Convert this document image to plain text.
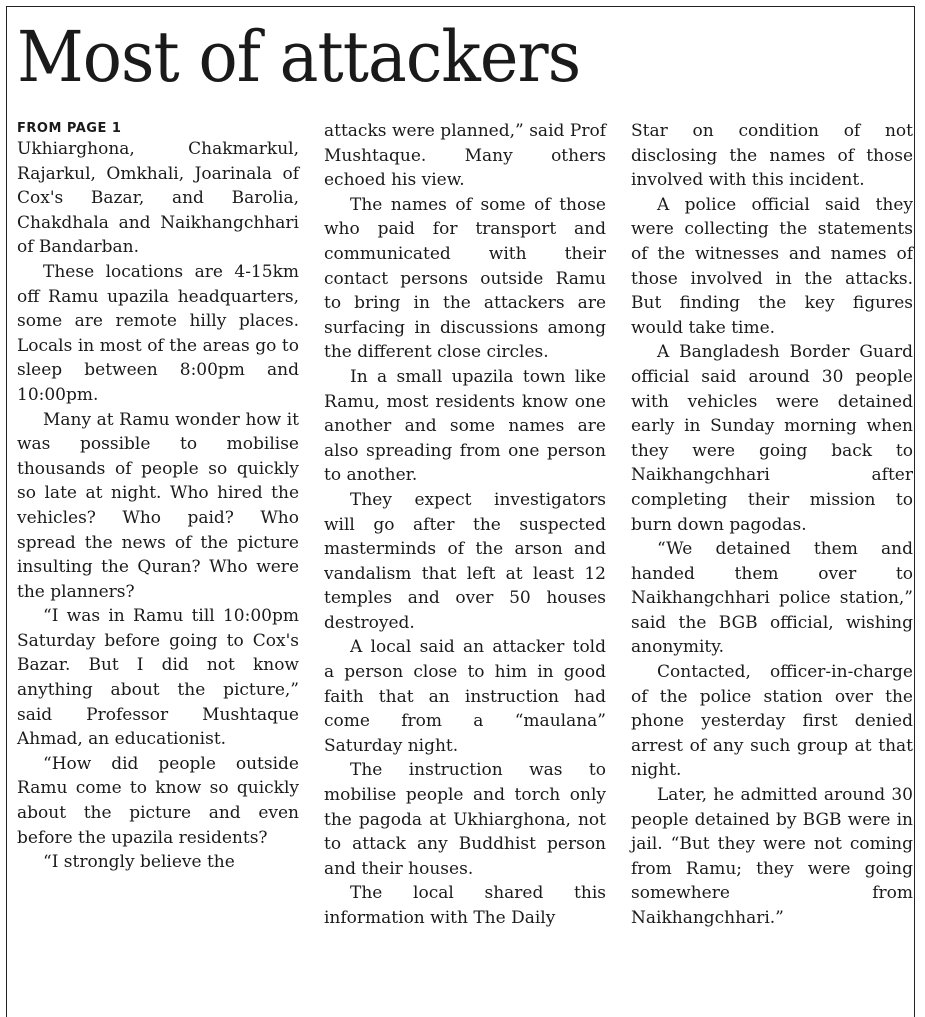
Most of attackers
FROM PAGE 1

Ukhiarghona, Chakmarkul, Rajarkul, Omkhali, Joarinala of Cox's Bazar, and Barolia, Chakdhala and Naikhangchhari of Bandarban.

These locations are 4-15km off Ramu upazila headquarters, some are remote hilly places. Locals in most of the areas go to sleep between 8:00pm and 10:00pm.

Many at Ramu wonder how it was possible to mobilise thousands of people so quickly so late at night. Who hired the vehicles? Who paid? Who spread the news of the picture insulting the Quran? Who were the planners?

“I was in Ramu till 10:00pm Saturday before going to Cox's Bazar. But I did not know anything about the picture,” said Professor Mushtaque Ahmad, an educationist.

“How did people outside Ramu come to know so quickly about the picture and even before the upazila residents?

“I strongly believe the

attacks were planned,” said Prof Mushtaque. Many others echoed his view.

The names of some of those who paid for transport and communicated with their contact persons outside Ramu to bring in the attackers are surfacing in discussions among the different close circles.

In a small upazila town like Ramu, most residents know one another and some names are also spreading from one person to another.

They expect investigators will go after the suspected masterminds of the arson and vandalism that left at least 12 temples and over 50 houses destroyed.

A local said an attacker told a person close to him in good faith that an instruction had come from a “maulana” Saturday night.

The instruction was to mobilise people and torch only the pagoda at Ukhiarghona, not to attack any Buddhist person and their houses.

The local shared this information with The Daily

Star on condition of not disclosing the names of those involved with this incident.

A police official said they were collecting the statements of the witnesses and names of those involved in the attacks. But finding the key figures would take time.

A Bangladesh Border Guard official said around 30 people with vehicles were detained early in Sunday morning when they were going back to Naikhangchhari after completing their mission to burn down pagodas.

“We detained them and handed them over to Naikhangchhari police station,” said the BGB official, wishing anonymity.

Contacted, officer-in-charge of the police station over the phone yesterday first denied arrest of any such group at that night.

Later, he admitted around 30 people detained by BGB were in jail. “But they were not coming from Ramu; they were going somewhere from Naikhangchhari.”
